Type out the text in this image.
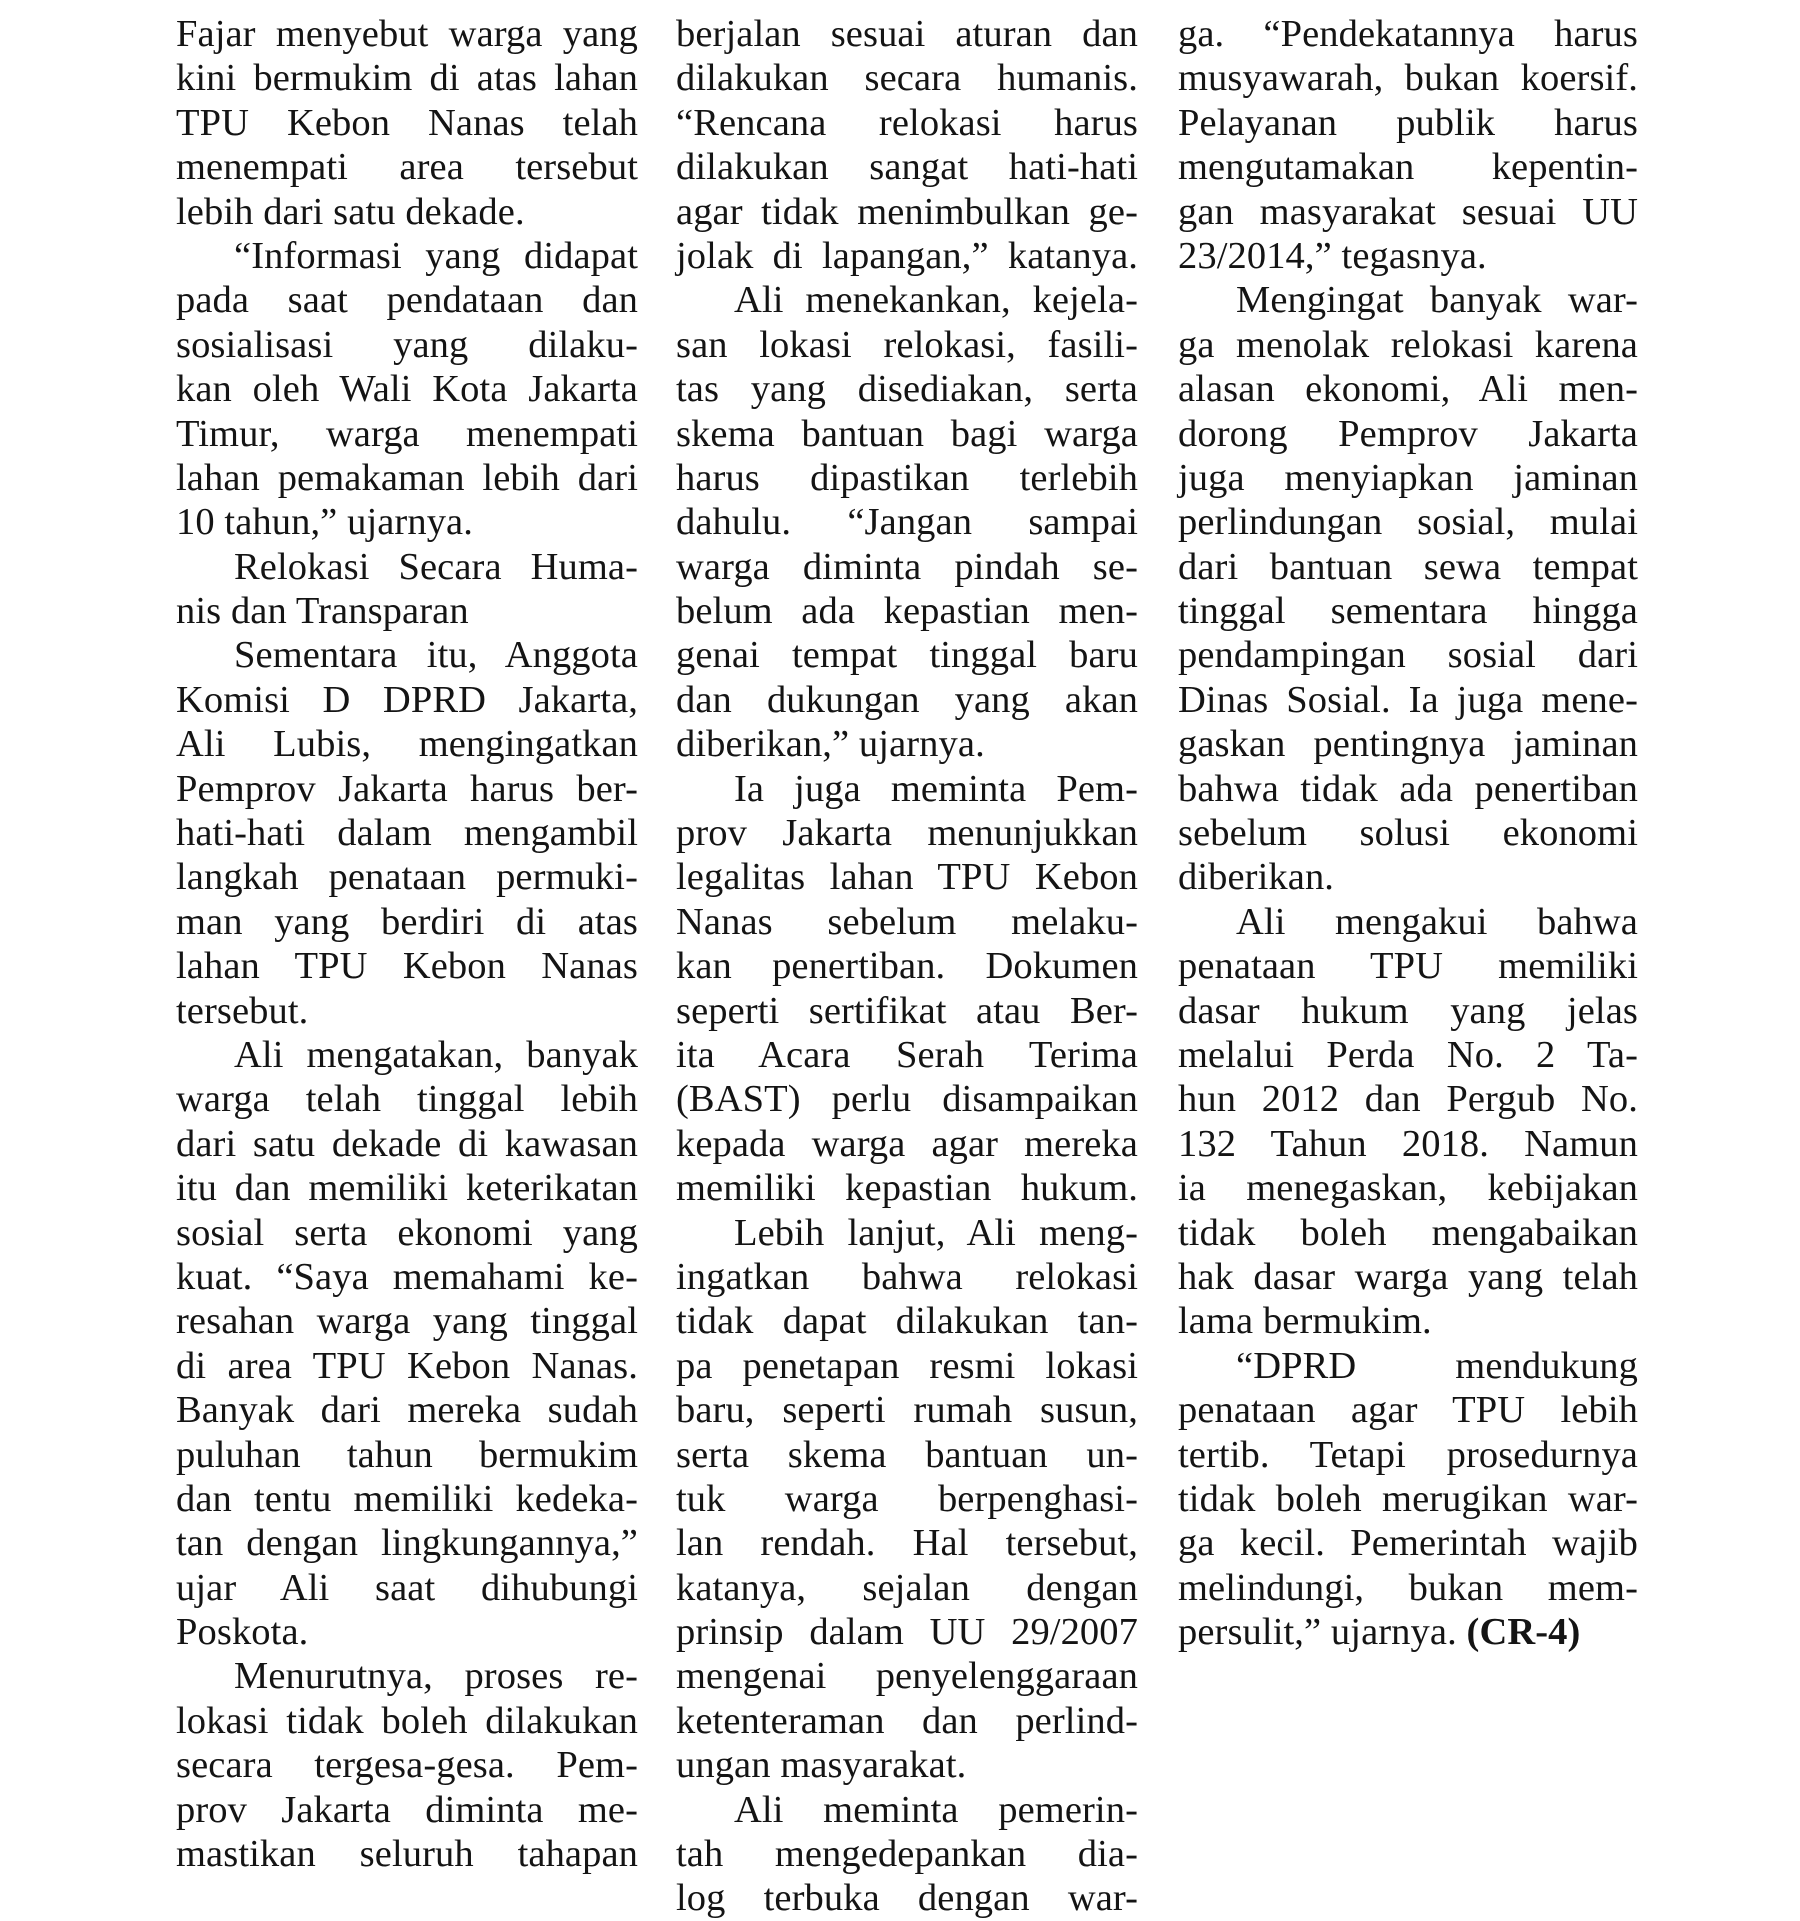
Fajar menyebut warga yang
kini bermukim di atas lahan
TPU Kebon Nanas telah
menempati area tersebut
lebih dari satu dekade.
“Informasi yang didapat
pada saat pendataan dan
sosialisasi yang dilaku-
kan oleh Wali Kota Jakarta
Timur, warga menempati
lahan pemakaman lebih dari
10 tahun,” ujarnya.
Relokasi Secara Huma-
nis dan Transparan
Sementara itu, Anggota
Komisi D DPRD Jakarta,
Ali Lubis, mengingatkan
Pemprov Jakarta harus ber-
hati-hati dalam mengambil
langkah penataan permuki-
man yang berdiri di atas
lahan TPU Kebon Nanas
tersebut.
Ali mengatakan, banyak
warga telah tinggal lebih
dari satu dekade di kawasan
itu dan memiliki keterikatan
sosial serta ekonomi yang
kuat. “Saya memahami ke-
resahan warga yang tinggal
di area TPU Kebon Nanas.
Banyak dari mereka sudah
puluhan tahun bermukim
dan tentu memiliki kedeka-
tan dengan lingkungannya,”
ujar Ali saat dihubungi
Poskota.
Menurutnya, proses re-
lokasi tidak boleh dilakukan
secara tergesa-gesa. Pem-
prov Jakarta diminta me-
mastikan seluruh tahapan
berjalan sesuai aturan dan
dilakukan secara humanis.
“Rencana relokasi harus
dilakukan sangat hati-hati
agar tidak menimbulkan ge-
jolak di lapangan,” katanya.
Ali menekankan, kejela-
san lokasi relokasi, fasili-
tas yang disediakan, serta
skema bantuan bagi warga
harus dipastikan terlebih
dahulu. “Jangan sampai
warga diminta pindah se-
belum ada kepastian men-
genai tempat tinggal baru
dan dukungan yang akan
diberikan,” ujarnya.
Ia juga meminta Pem-
prov Jakarta menunjukkan
legalitas lahan TPU Kebon
Nanas sebelum melaku-
kan penertiban. Dokumen
seperti sertifikat atau Ber-
ita Acara Serah Terima
(BAST) perlu disampaikan
kepada warga agar mereka
memiliki kepastian hukum.
Lebih lanjut, Ali meng-
ingatkan bahwa relokasi
tidak dapat dilakukan tan-
pa penetapan resmi lokasi
baru, seperti rumah susun,
serta skema bantuan un-
tuk warga berpenghasi-
lan rendah. Hal tersebut,
katanya, sejalan dengan
prinsip dalam UU 29/2007
mengenai penyelenggaraan
ketenteraman dan perlind-
ungan masyarakat.
Ali meminta pemerin-
tah mengedepankan dia-
log terbuka dengan war-
ga. “Pendekatannya harus
musyawarah, bukan koersif.
Pelayanan publik harus
mengutamakan kepentin-
gan masyarakat sesuai UU
23/2014,” tegasnya.
Mengingat banyak war-
ga menolak relokasi karena
alasan ekonomi, Ali men-
dorong Pemprov Jakarta
juga menyiapkan jaminan
perlindungan sosial, mulai
dari bantuan sewa tempat
tinggal sementara hingga
pendampingan sosial dari
Dinas Sosial. Ia juga mene-
gaskan pentingnya jaminan
bahwa tidak ada penertiban
sebelum solusi ekonomi
diberikan.
Ali mengakui bahwa
penataan TPU memiliki
dasar hukum yang jelas
melalui Perda No. 2 Ta-
hun 2012 dan Pergub No.
132 Tahun 2018. Namun
ia menegaskan, kebijakan
tidak boleh mengabaikan
hak dasar warga yang telah
lama bermukim.
“DPRD mendukung
penataan agar TPU lebih
tertib. Tetapi prosedurnya
tidak boleh merugikan war-
ga kecil. Pemerintah wajib
melindungi, bukan mem-
persulit,” ujarnya. (CR-4)
